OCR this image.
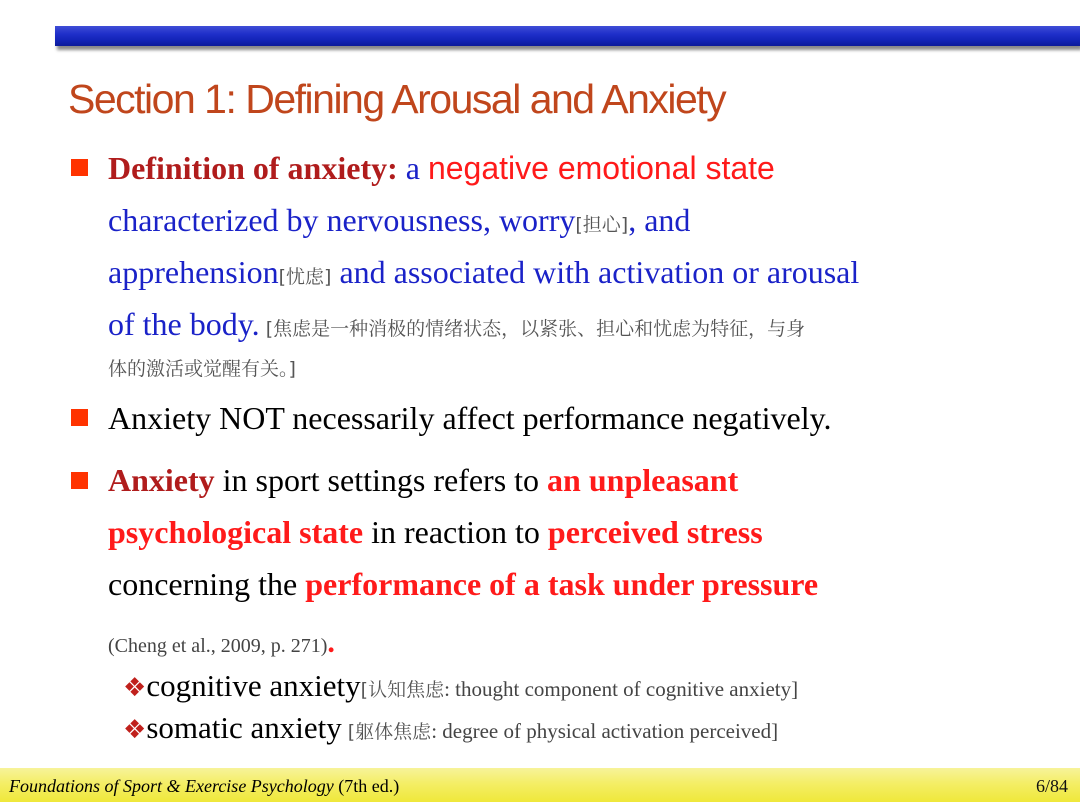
Section 1: Defining Arousal and Anxiety
Definition of anxiety: a negative emotional state
characterized by nervousness, worry[担心], and
apprehension[忧虑] and associated with activation or arousal
of the body. [焦虑是一种消极的情绪状态，以紧张、担心和忧虑为特征，与身
体的激活或觉醒有关。]
Anxiety NOT necessarily affect performance negatively.
Anxiety in sport settings refers to an unpleasant
psychological state in reaction to perceived stress
concerning the performance of a task under pressure
(Cheng et al., 2009, p. 271).
❖cognitive anxiety[认知焦虑: thought component of cognitive anxiety]
❖somatic anxiety [躯体焦虑: degree of physical activation perceived]
Foundations of Sport & Exercise Psychology (7th ed.)	6/84
